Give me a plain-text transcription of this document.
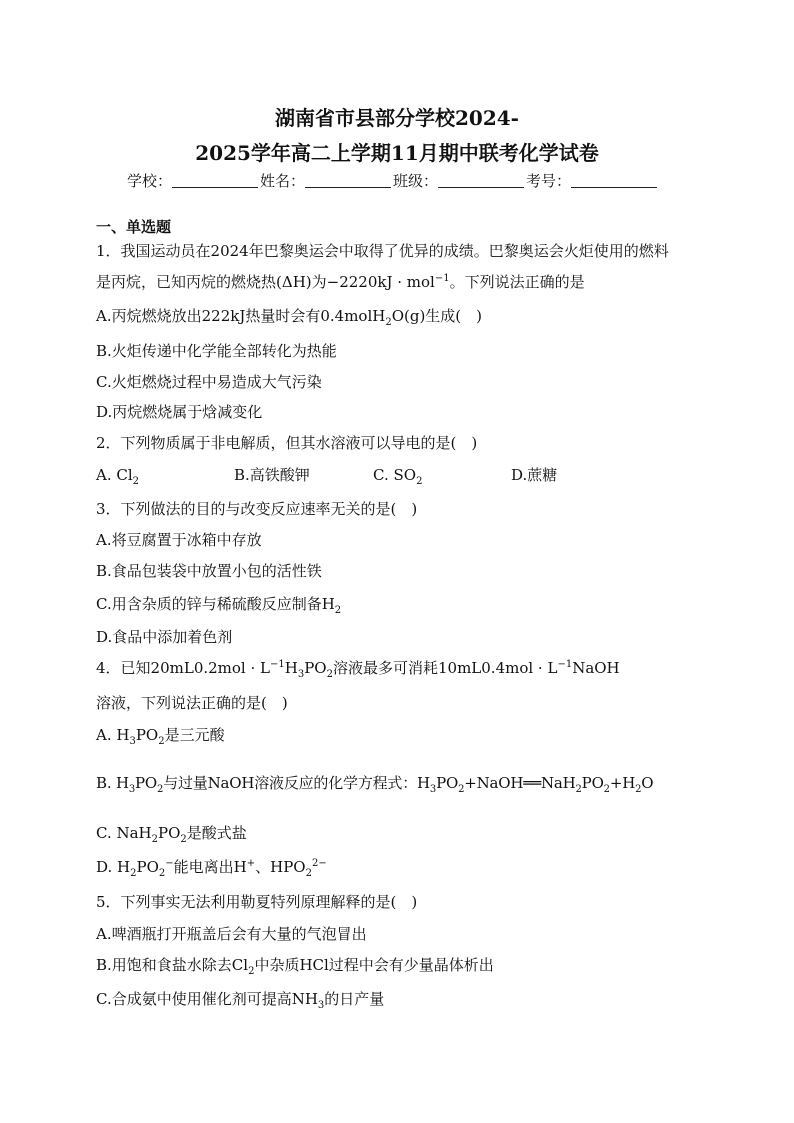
湖南省市县部分学校2024-
2025学年高二上学期11月期中联考化学试卷
学校：	姓名：	班级：	考号：
一、单选题
1．我国运动员在2024年巴黎奥运会中取得了优异的成绩。巴黎奥运会火炬使用的燃料
是丙烷，已知丙烷的燃烧热(ΔH)为−2220kJ · mol$^{-1}$。下列说法正确的是
A.丙烷燃烧放出222kJ热量时会有0.4molH$_2$O(g)生成(　)
B.火炬传递中化学能全部转化为热能
C.火炬燃烧过程中易造成大气污染
D.丙烷燃烧属于焓减变化
2．下列物质属于非电解质，但其水溶液可以导电的是(　)
A. $Cl_2$	B.高铁酸钾	C. $SO_2$	D.蔗糖
3．下列做法的目的与改变反应速率无关的是(　)
A.将豆腐置于冰箱中存放
B.食品包装袋中放置小包的活性铁
C.用含杂质的锌与稀硫酸反应制备$H_2$
D.食品中添加着色剂
4．已知$20mL0.2mol \cdot L^{-1}H_3PO_2$溶液最多可消耗$10mL0.4mol \cdot L^{-1}NaOH$
溶液，下列说法正确的是(　)
A. $H_3PO_2$是三元酸
B. $H_3PO_2$与过量NaOH溶液反应的化学方程式：$H_3PO_2+NaOH══NaH_2PO_2+H_2O$
C. $NaH_2PO_2$是酸式盐
D. $H_2PO_2^-$能电离出H+、$HPO_2^{2-}$
5．下列事实无法利用勒夏特列原理解释的是(　)
A.啤酒瓶打开瓶盖后会有大量的气泡冒出
B.用饱和食盐水除去$Cl_2$中杂质HCl过程中会有少量晶体析出
C.合成氨中使用催化剂可提高$NH_3$的日产量
